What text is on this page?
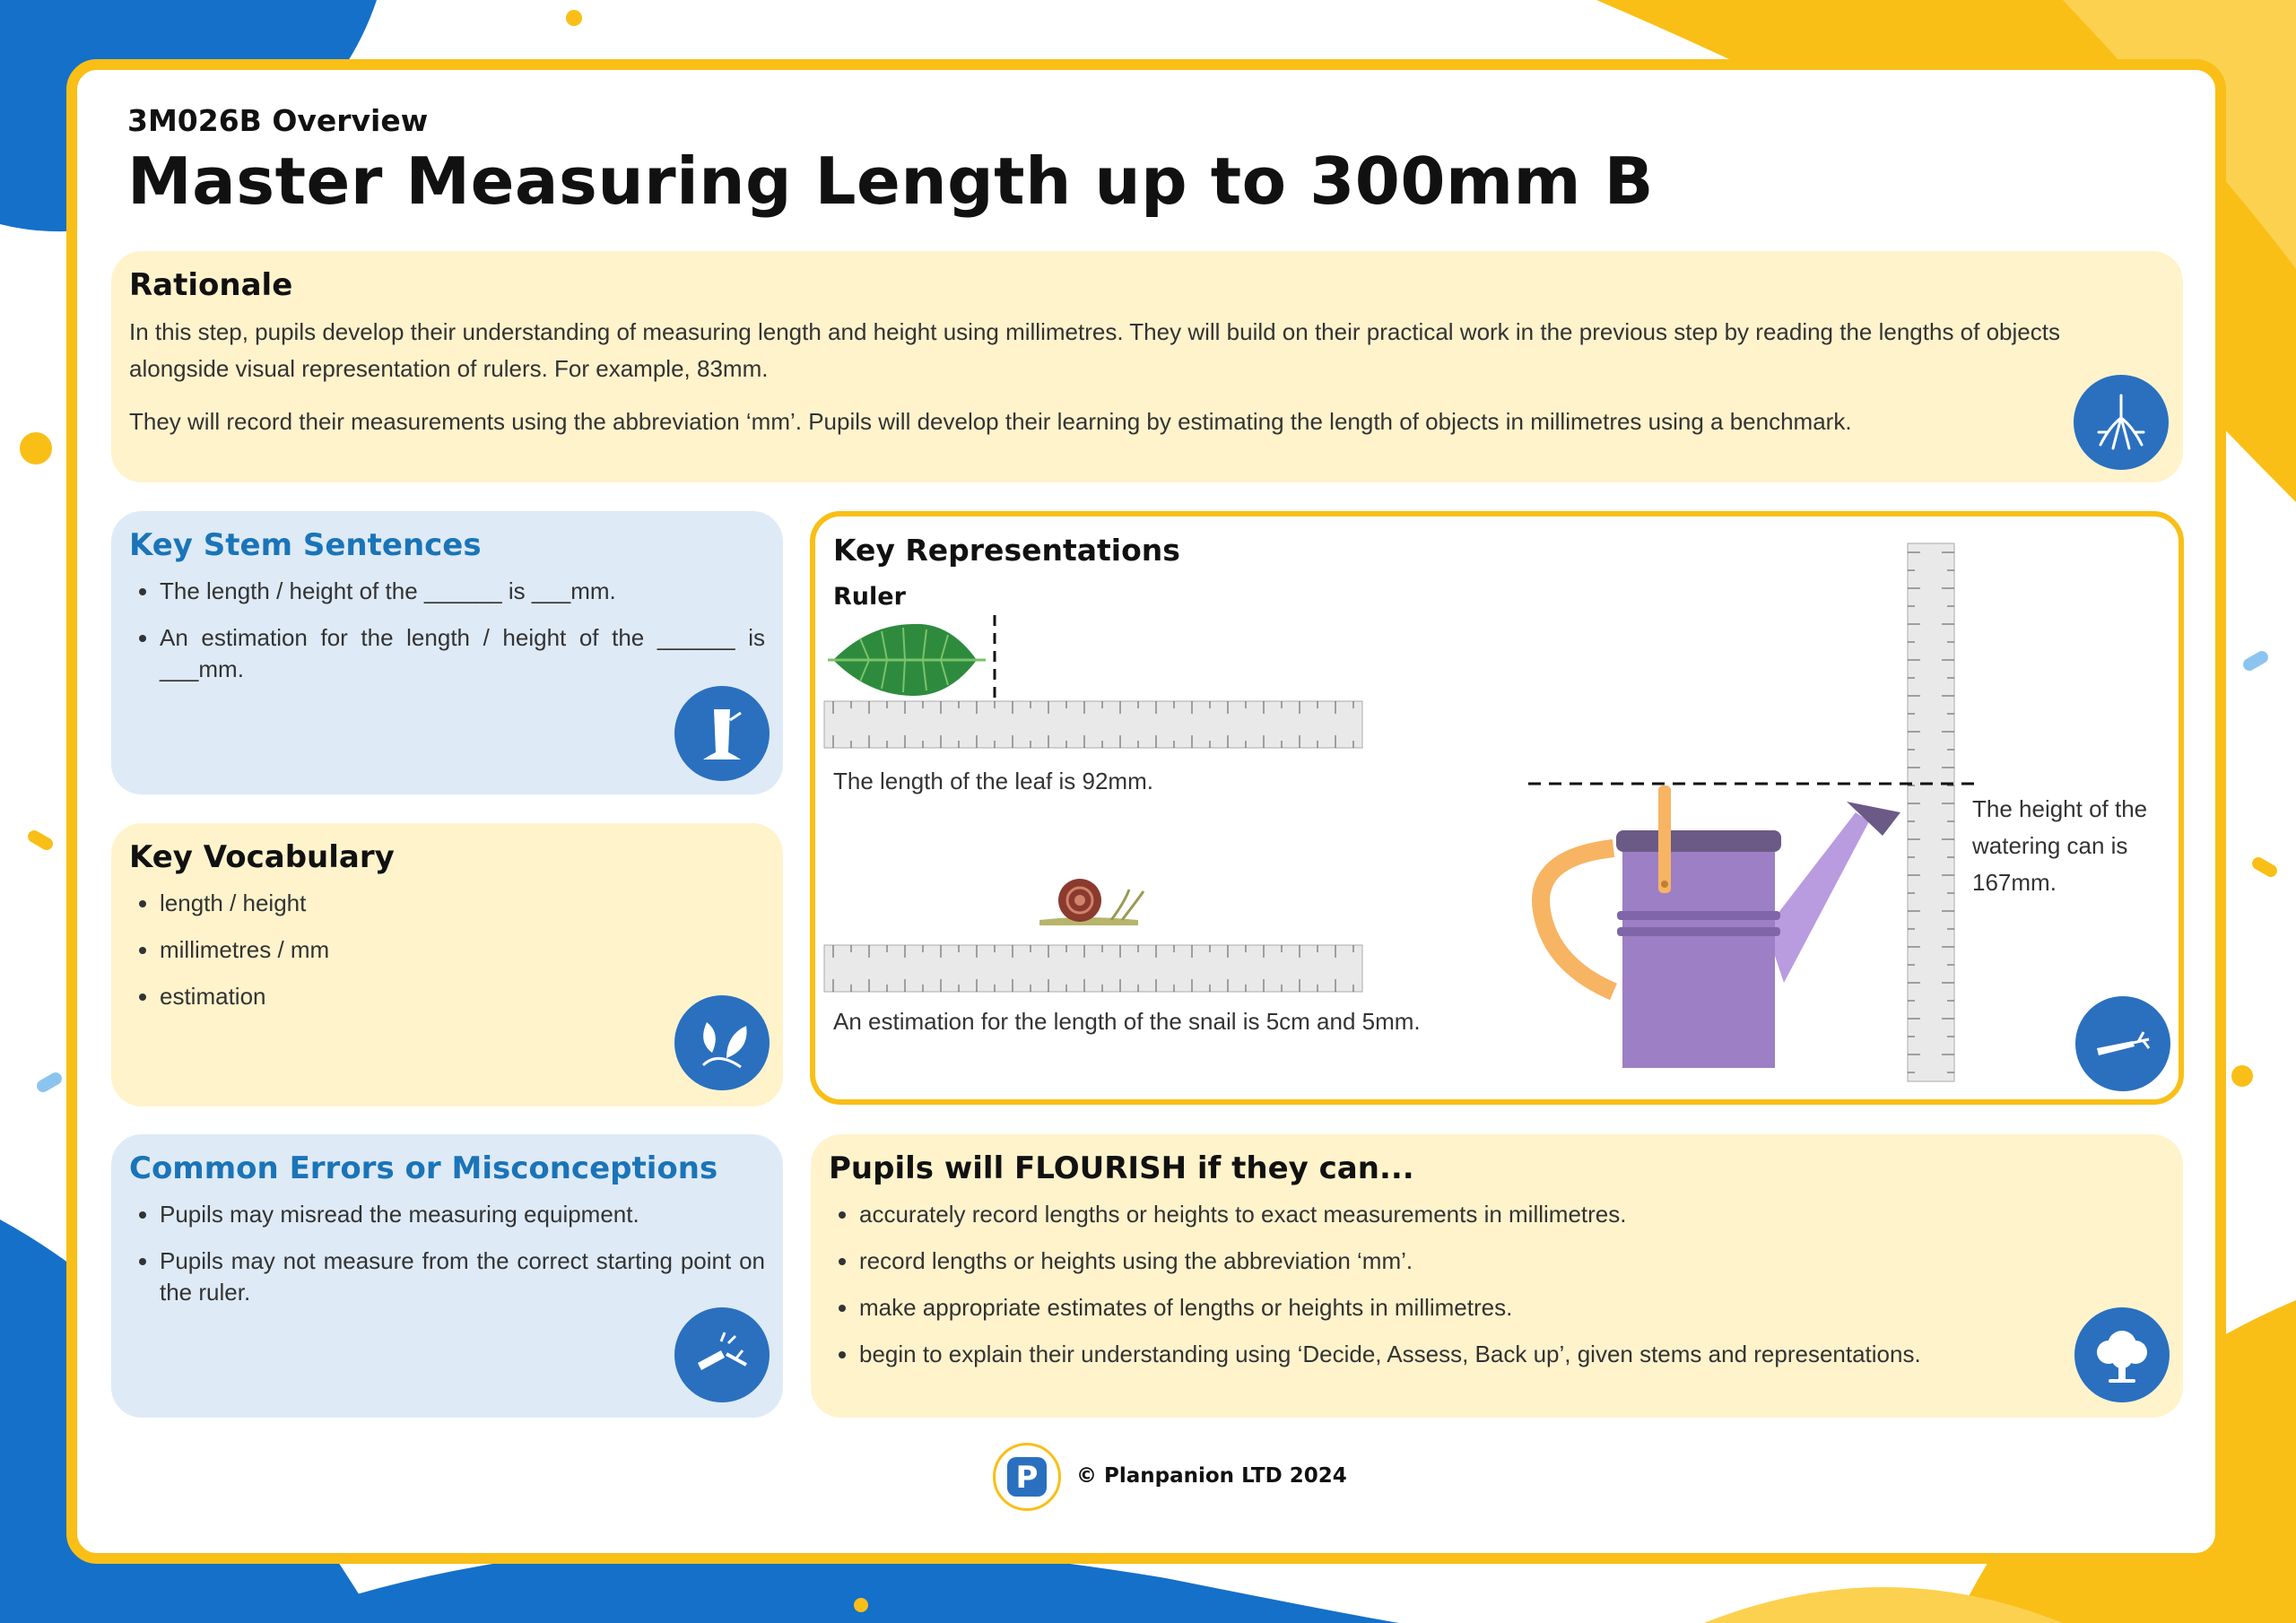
3M026B Overview
Master Measuring Length up to 300mm B
Rationale
In this step, pupils develop their understanding of measuring length and height using millimetres. They will build on their practical work in the previous step by reading the lengths of objects alongside visual representation of rulers. For example, 83mm.
They will record their measurements using the abbreviation ‘mm’. Pupils will develop their learning by estimating the length of objects in millimetres using a benchmark.
Key Stem Sentences
• The length / height of the ______ is ___mm.
• An estimation for the length / height of the ______ is ___mm.
Key Vocabulary
• length / height
• millimetres / mm
• estimation
Common Errors or Misconceptions
• Pupils may misread the measuring equipment.
• Pupils may not measure from the correct starting point on the ruler.
Key Representations
Ruler
The length of the leaf is 92mm.
An estimation for the length of the snail is 5cm and 5mm.
The height of the
watering can is
167mm.
Pupils will FLOURISH if they can...
• accurately record lengths or heights to exact measurements in millimetres.
• record lengths or heights using the abbreviation ‘mm’.
• make appropriate estimates of lengths or heights in millimetres.
• begin to explain their understanding using ‘Decide, Assess, Back up’, given stems and representations.
P © Planpanion LTD 2024
